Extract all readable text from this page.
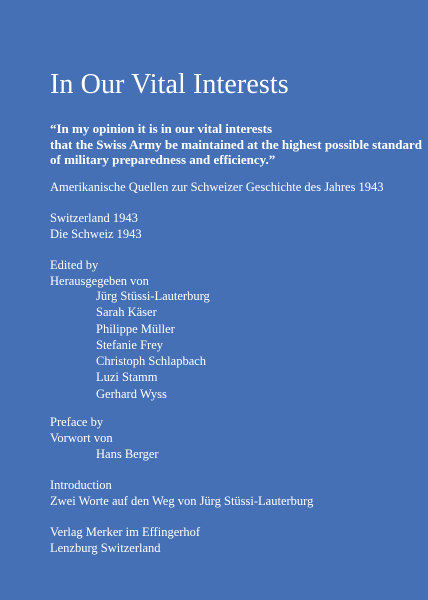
In Our Vital Interests
“In my opinion it is in our vital interests
that the Swiss Army be maintained at the highest possible standard
of military preparedness and efficiency.”
Amerikanische Quellen zur Schweizer Geschichte des Jahres 1943
Switzerland 1943
Die Schweiz 1943
Edited by
Herausgegeben von
Jürg Stüssi-Lauterburg
Sarah Käser
Philippe Müller
Stefanie Frey
Christoph Schlapbach
Luzi Stamm
Gerhard Wyss
Preface by
Vorwort von
Hans Berger
Introduction
Zwei Worte auf den Weg von Jürg Stüssi-Lauterburg
Verlag Merker im Effingerhof
Lenzburg Switzerland
